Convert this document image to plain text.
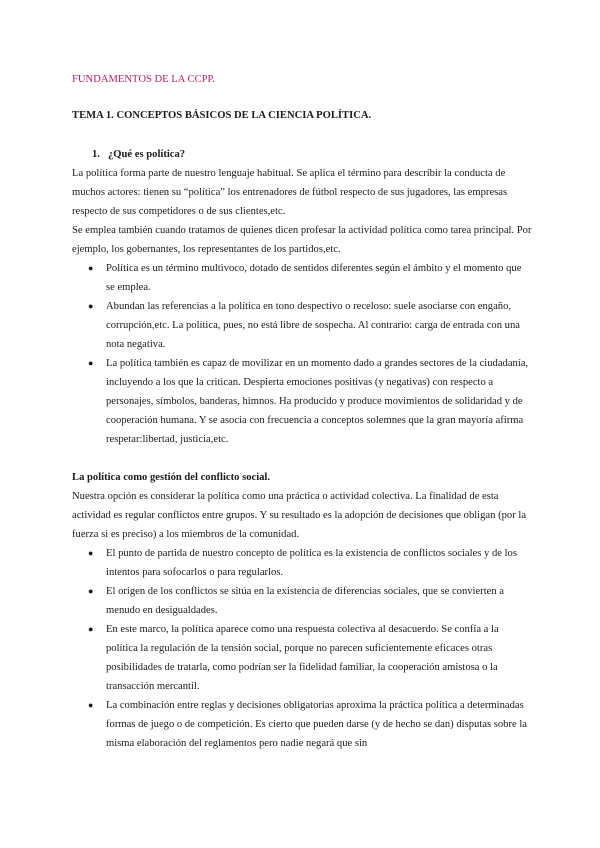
FUNDAMENTOS DE LA CCPP.
TEMA 1. CONCEPTOS BÁSICOS DE LA CIENCIA POLÍTICA.
1. ¿Qué es política?

La política forma parte de nuestro lenguaje habitual. Se aplica el término para describir la conducta de muchos actores: tienen su “política” los entrenadores de fútbol respecto de sus jugadores, las empresas respecto de sus competidores o de sus clientes,etc.

Se emplea también cuando tratamos de quienes dicen profesar la actividad política como tarea principal. Por ejemplo, los gobernantes, los representantes de los partidos,etc.

● Política es un término multivoco, dotado de sentidos diferentes según el ámbito y el momento que se emplea.
● Abundan las referencias a la política en tono despectivo o receloso: suele asociarse con engaño, corrupción,etc. La política, pues, no está libre de sospecha. Al contrario: carga de entrada con una nota negativa.
● La política también es capaz de movilizar en un momento dado a grandes sectores de la ciudadanía, incluyendo a los que la critican. Despierta emociones positivas (y negativas) con respecto a personajes, símbolos, banderas, himnos. Ha producido y produce movimientos de solidaridad y de cooperación humana. Y se asocia con frecuencia a conceptos solemnes que la gran mayoría afirma respetar:libertad, justicia,etc.
La política como gestión del conflicto social.

Nuestra opción es considerar la política como una práctica o actividad colectiva. La finalidad de esta actividad es regular conflictos entre grupos. Y su resultado es la adopción de decisiones que obligan (por la fuerza si es preciso) a los miembros de la comunidad.

● El punto de partida de nuestro concepto de política es la existencia de conflictos sociales y de los intentos para sofocarlos o para regularlos.
● El origen de los conflictos se sitúa en la existencia de diferencias sociales, que se convierten a menudo en desigualdades.
● En este marco, la política aparece como una respuesta colectiva al desacuerdo. Se confía a la política la regulación de la tensión social, porque no parecen suficientemente eficaces otras posibilidades de tratarla, como podrían ser la fidelidad familiar, la cooperación amistosa o la transacción mercantil.
● La combinación entre reglas y decisiones obligatorias aproxima la práctica política a determinadas formas de juego o de competición. Es cierto que pueden darse (y de hecho se dan) disputas sobre la misma elaboración del reglamentos pero nadie negará que sin
